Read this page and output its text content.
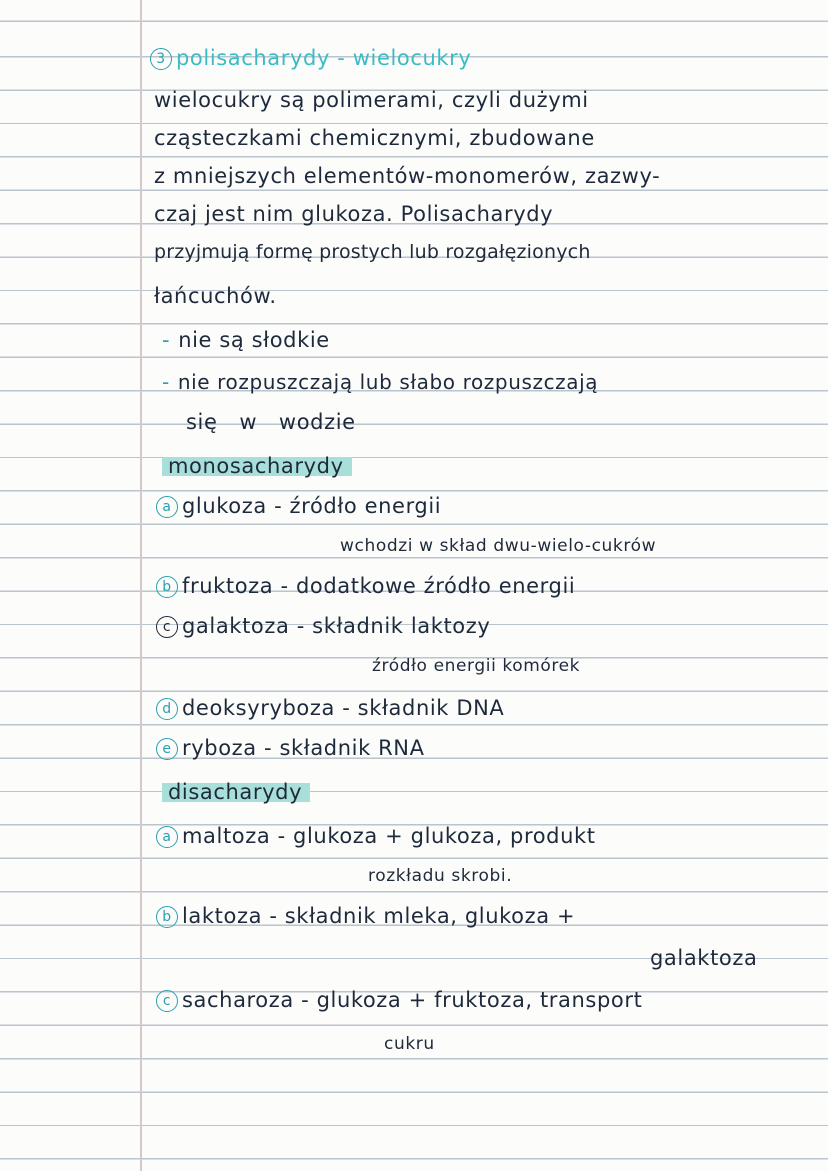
3 polisacharydy - wielocukry
wielocukry są polimerami, czyli dużymi
cząsteczkami chemicznymi, zbudowane
z mniejszych elementów-monomerów, zazwy-
czaj jest nim glukoza. Polisacharydy
przyjmują formę prostych lub rozgałęzionych
łańcuchów.
- nie są słodkie
- nie rozpuszczają lub słabo rozpuszczają
się   w   wodzie
monosacharydy
a glukoza - źródło energii
wchodzi w skład dwu-wielo-cukrów
b fruktoza - dodatkowe źródło energii
c galaktoza - składnik laktozy
źródło energii komórek
d deoksyryboza - składnik DNA
e ryboza - składnik RNA
disacharydy
a maltoza - glukoza + glukoza, produkt
rozkładu skrobi.
b laktoza - składnik mleka, glukoza +
galaktoza
c sacharoza - glukoza + fruktoza, transport
cukru
